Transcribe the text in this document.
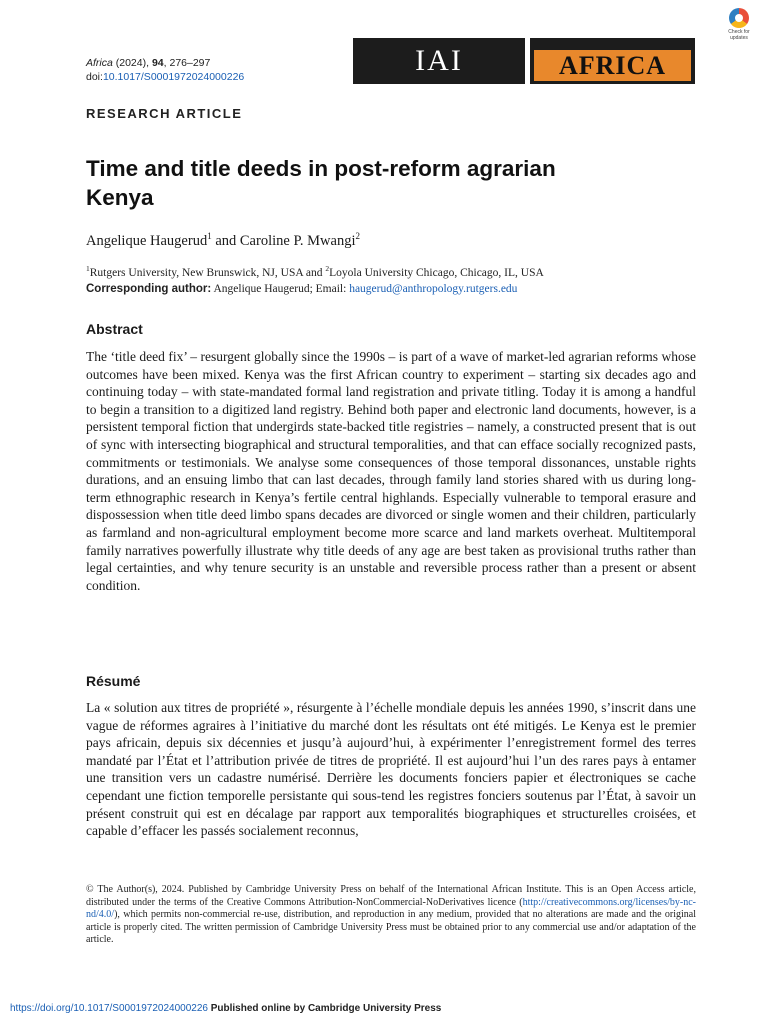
Check for
updates
Africa (2024), 94, 276–297
doi:10.1017/S0001972024000226	IAI	AFRICA
RESEARCH ARTICLE
Time and title deeds in post-reform agrarian Kenya
Angelique Haugerud$^1$ and Caroline P. Mwangi$^2$
$^1$Rutgers University, New Brunswick, NJ, USA and $^2$Loyola University Chicago, Chicago, IL, USA
Corresponding author: Angelique Haugerud; Email: haugerud@anthropology.rutgers.edu
Abstract

The ‘title deed fix’ – resurgent globally since the 1990s – is part of a wave of market-led agrarian reforms whose outcomes have been mixed. Kenya was the first African country to experiment – starting six decades ago and continuing today – with state-mandated formal land registration and private titling. Today it is among a handful to begin a transition to a digitized land registry. Behind both paper and electronic land documents, however, is a persistent temporal fiction that undergirds state-backed title registries – namely, a constructed present that is out of sync with intersecting biographical and structural temporalities, and that can efface socially recognized pasts, commitments or testimonials. We analyse some consequences of those temporal dissonances, unstable rights durations, and an ensuing limbo that can last decades, through family land stories shared with us during long-term ethnographic research in Kenya’s fertile central highlands. Especially vulnerable to temporal erasure and dispossession when title deed limbo spans decades are divorced or single women and their children, particularly as farmland and non-agricultural employment become more scarce and land markets overheat. Multitemporal family narratives powerfully illustrate why title deeds of any age are best taken as provisional truths rather than legal certainties, and why tenure security is an unstable and reversible process rather than a present or absent condition.

Résumé

La « solution aux titres de propriété », résurgente à l’échelle mondiale depuis les années 1990, s’inscrit dans une vague de réformes agraires à l’initiative du marché dont les résultats ont été mitigés. Le Kenya est le premier pays africain, depuis six décennies et jusqu’à aujourd’hui, à expérimenter l’enregistrement formel des terres mandaté par l’État et l’attribution privée de titres de propriété. Il est aujourd’hui l’un des rares pays à entamer une transition vers un cadastre numérisé. Derrière les documents fonciers papier et électroniques se cache cependant une fiction temporelle persistante qui sous-tend les registres fonciers soutenus par l’État, à savoir un présent construit qui est en décalage par rapport aux temporalités biographiques et structurelles croisées, et capable d’effacer les passés socialement reconnus,

© The Author(s), 2024. Published by Cambridge University Press on behalf of the International African Institute. This is an Open Access article, distributed under the terms of the Creative Commons Attribution-NonCommercial-NoDerivatives licence (http://creativecommons.org/licenses/by-nc-nd/4.0/), which permits non-commercial re-use, distribution, and reproduction in any medium, provided that no alterations are made and the original article is properly cited. The written permission of Cambridge University Press must be obtained prior to any commercial use and/or adaptation of the article.

https://doi.org/10.1017/S0001972024000226 Published online by Cambridge University Press
